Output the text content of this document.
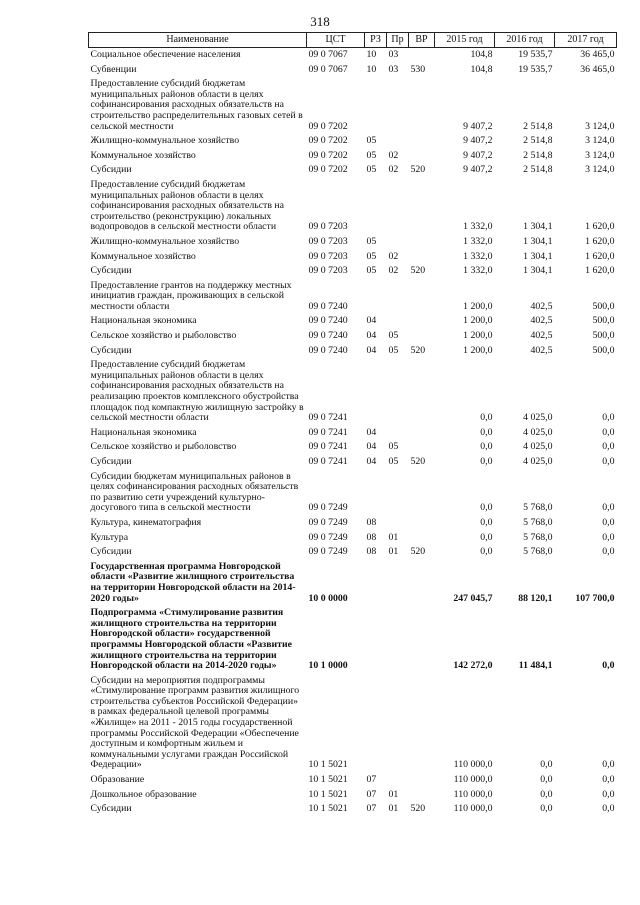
318
Наименование	ЦСТ	РЗ	Пр	ВР	2015 год	2016 год	2017 год
Социальное обеспечение населения	09 0 7067	10	03		104,8	19 535,7	36 465,0
Субвенции	09 0 7067	10	03	530	104,8	19 535,7	36 465,0
Предоставление субсидий бюджетам муниципальных районов области в целях софинансирования расходных обязательств на строительство распределительных газовых сетей в сельской местности	09 0 7202				9 407,2	2 514,8	3 124,0
Жилищно-коммунальное хозяйство	09 0 7202	05			9 407,2	2 514,8	3 124,0
Коммунальное хозяйство	09 0 7202	05	02		9 407,2	2 514,8	3 124,0
Субсидии	09 0 7202	05	02	520	9 407,2	2 514,8	3 124,0
Предоставление субсидий бюджетам муниципальных районов области в целях софинансирования расходных обязательств на строительство (реконструкцию) локальных водопроводов в сельской местности области	09 0 7203				1 332,0	1 304,1	1 620,0
Жилищно-коммунальное хозяйство	09 0 7203	05			1 332,0	1 304,1	1 620,0
Коммунальное хозяйство	09 0 7203	05	02		1 332,0	1 304,1	1 620,0
Субсидии	09 0 7203	05	02	520	1 332,0	1 304,1	1 620,0
Предоставление грантов на поддержку местных инициатив граждан, проживающих в сельской местности области	09 0 7240				1 200,0	402,5	500,0
Национальная экономика	09 0 7240	04			1 200,0	402,5	500,0
Сельское хозяйство и рыболовство	09 0 7240	04	05		1 200,0	402,5	500,0
Субсидии	09 0 7240	04	05	520	1 200,0	402,5	500,0
Предоставление субсидий бюджетам муниципальных районов области в целях софинансирования расходных обязательств на реализацию проектов комплексного обустройства площадок под компактную жилищную застройку в сельской местности области	09 0 7241				0,0	4 025,0	0,0
Национальная экономика	09 0 7241	04			0,0	4 025,0	0,0
Сельское хозяйство и рыболовство	09 0 7241	04	05		0,0	4 025,0	0,0
Субсидии	09 0 7241	04	05	520	0,0	4 025,0	0,0
Субсидии бюджетам муниципальных районов в целях софинансирования расходных обязательств по развитию сети учреждений культурно-досугового типа в сельской местности	09 0 7249				0,0	5 768,0	0,0
Культура, кинематография	09 0 7249	08			0,0	5 768,0	0,0
Культура	09 0 7249	08	01		0,0	5 768,0	0,0
Субсидии	09 0 7249	08	01	520	0,0	5 768,0	0,0
Государственная программа Новгородской области «Развитие жилищного строительства на территории Новгородской области на 2014-2020 годы»	10 0 0000				247 045,7	88 120,1	107 700,0
Подпрограмма «Стимулирование развития жилищного строительства на территории Новгородской области» государственной программы Новгородской области «Развитие жилищного строительства на территории Новгородской области на 2014-2020 годы»	10 1 0000				142 272,0	11 484,1	0,0
Субсидии на мероприятия подпрограммы «Стимулирование программ развития жилищного строительства субъектов Российской Федерации» в рамках федеральной целевой программы «Жилище» на 2011 - 2015 годы государственной программы Российской Федерации «Обеспечение доступным и комфортным жильем и коммунальными услугами граждан Российской Федерации»	10 1 5021				110 000,0	0,0	0,0
Образование	10 1 5021	07			110 000,0	0,0	0,0
Дошкольное образование	10 1 5021	07	01		110 000,0	0,0	0,0
Субсидии	10 1 5021	07	01	520	110 000,0	0,0	0,0
